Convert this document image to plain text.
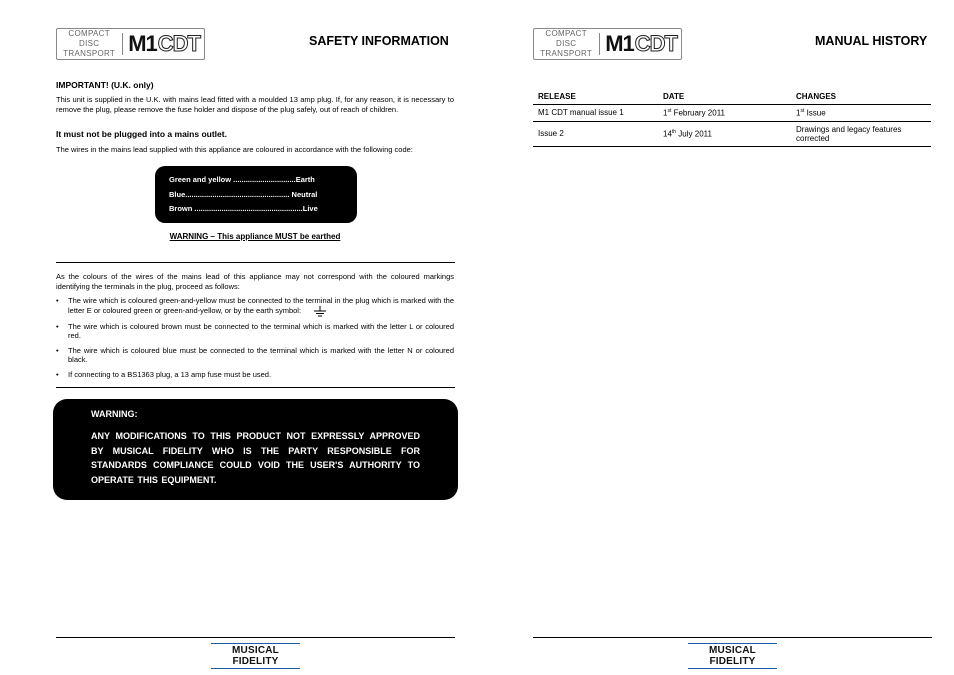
COMPACT DISC
TRANSPORT M1 CDT	SAFETY INFORMATION
IMPORTANT! (U.K. only)
This unit is supplied in the U.K. with mains lead fitted with a moulded 13 amp plug. If, for any reason, it is necessary to remove the plug, please remove the fuse holder and dispose of the plug safely, out of reach of children.
It must not be plugged into a mains outlet.
The wires in the mains lead supplied with this appliance are coloured in accordance with the following code:
Green and yellow ..............................Earth
Blue.................................................. Neutral
Brown ....................................................Live
WARNING – This appliance MUST be earthed
As the colours of the wires of the mains lead of this appliance may not correspond with the coloured markings identifying the terminals in the plug, proceed as follows:
• The wire which is coloured green-and-yellow must be connected to the terminal in the plug which is marked with the letter E or coloured green or green-and-yellow, or by the earth symbol:
• The wire which is coloured brown must be connected to the terminal which is marked with the letter L or coloured red.
• The wire which is coloured blue must be connected to the terminal which is marked with the letter N or coloured black.
• If connecting to a BS1363 plug, a 13 amp fuse must be used.
WARNING:
ANY MODIFICATIONS TO THIS PRODUCT NOT EXPRESSLY APPROVED BY MUSICAL FIDELITY WHO IS THE PARTY RESPONSIBLE FOR STANDARDS COMPLIANCE COULD VOID THE USER'S AUTHORITY TO OPERATE THIS EQUIPMENT.
MUSICAL FIDELITY
COMPACT DISC
TRANSPORT M1 CDT	MANUAL HISTORY
RELEASE	DATE	CHANGES
M1 CDT manual issue 1	1st February 2011	1st Issue
Issue 2	14th July 2011	Drawings and legacy features corrected
MUSICAL FIDELITY
